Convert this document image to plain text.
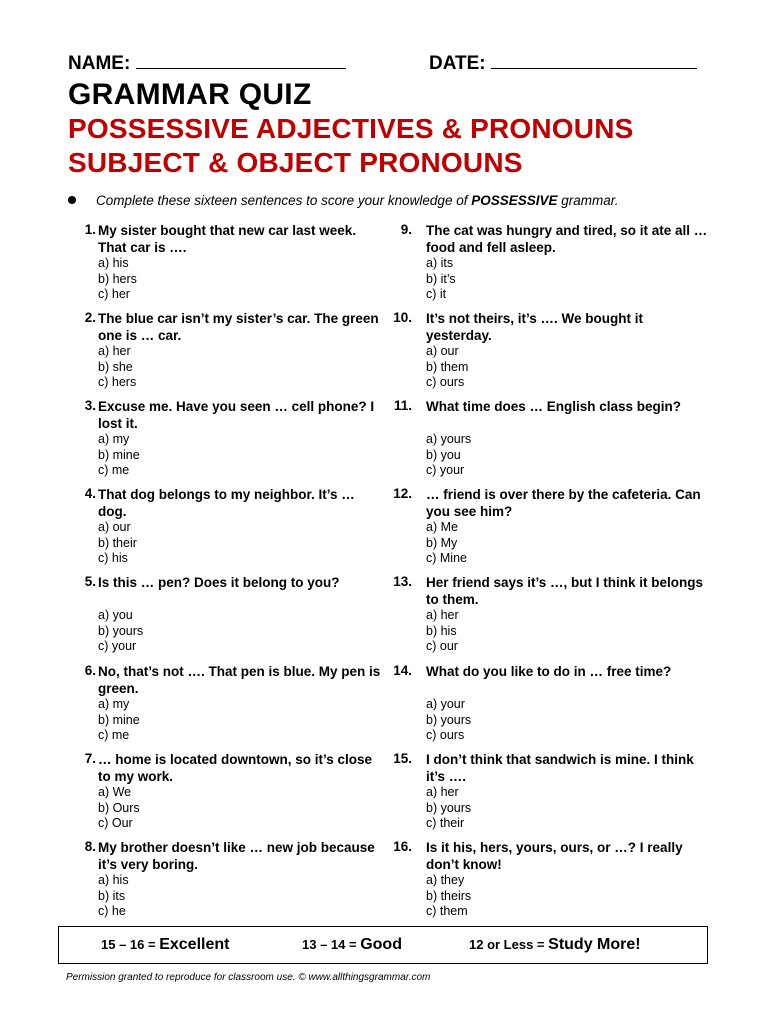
NAME:	DATE:
GRAMMAR QUIZ
POSSESSIVE ADJECTIVES & PRONOUNS
SUBJECT & OBJECT PRONOUNS
Complete these sixteen sentences to score your knowledge of POSSESSIVE grammar.
1. My sister bought that new car last week. That car is ….
a) his
b) hers
c) her
2. The blue car isn’t my sister’s car. The green one is … car.
a) her
b) she
c) hers
3. Excuse me. Have you seen … cell phone? I lost it.
a) my
b) mine
c) me
4. That dog belongs to my neighbor. It’s … dog.
a) our
b) their
c) his
5. Is this … pen? Does it belong to you?
a) you
b) yours
c) your
6. No, that’s not …. That pen is blue. My pen is green.
a) my
b) mine
c) me
7. … home is located downtown, so it’s close to my work.
a) We
b) Ours
c) Our
8. My brother doesn’t like … new job because it’s very boring.
a) his
b) its
c) he
9. The cat was hungry and tired, so it ate all … food and fell asleep.
a) its
b) it’s
c) it
10. It’s not theirs, it’s …. We bought it yesterday.
a) our
b) them
c) ours
11. What time does … English class begin?
a) yours
b) you
c) your
12. … friend is over there by the cafeteria. Can you see him?
a) Me
b) My
c) Mine
13. Her friend says it’s …, but I think it belongs to them.
a) her
b) his
c) our
14. What do you like to do in … free time?
a) your
b) yours
c) ours
15. I don’t think that sandwich is mine. I think it’s ….
a) her
b) yours
c) their
16. Is it his, hers, yours, ours, or …? I really don’t know!
a) they
b) theirs
c) them
15 – 16 = Excellent	13 – 14 = Good	12 or Less = Study More!
Permission granted to reproduce for classroom use. © www.allthingsgrammar.com
